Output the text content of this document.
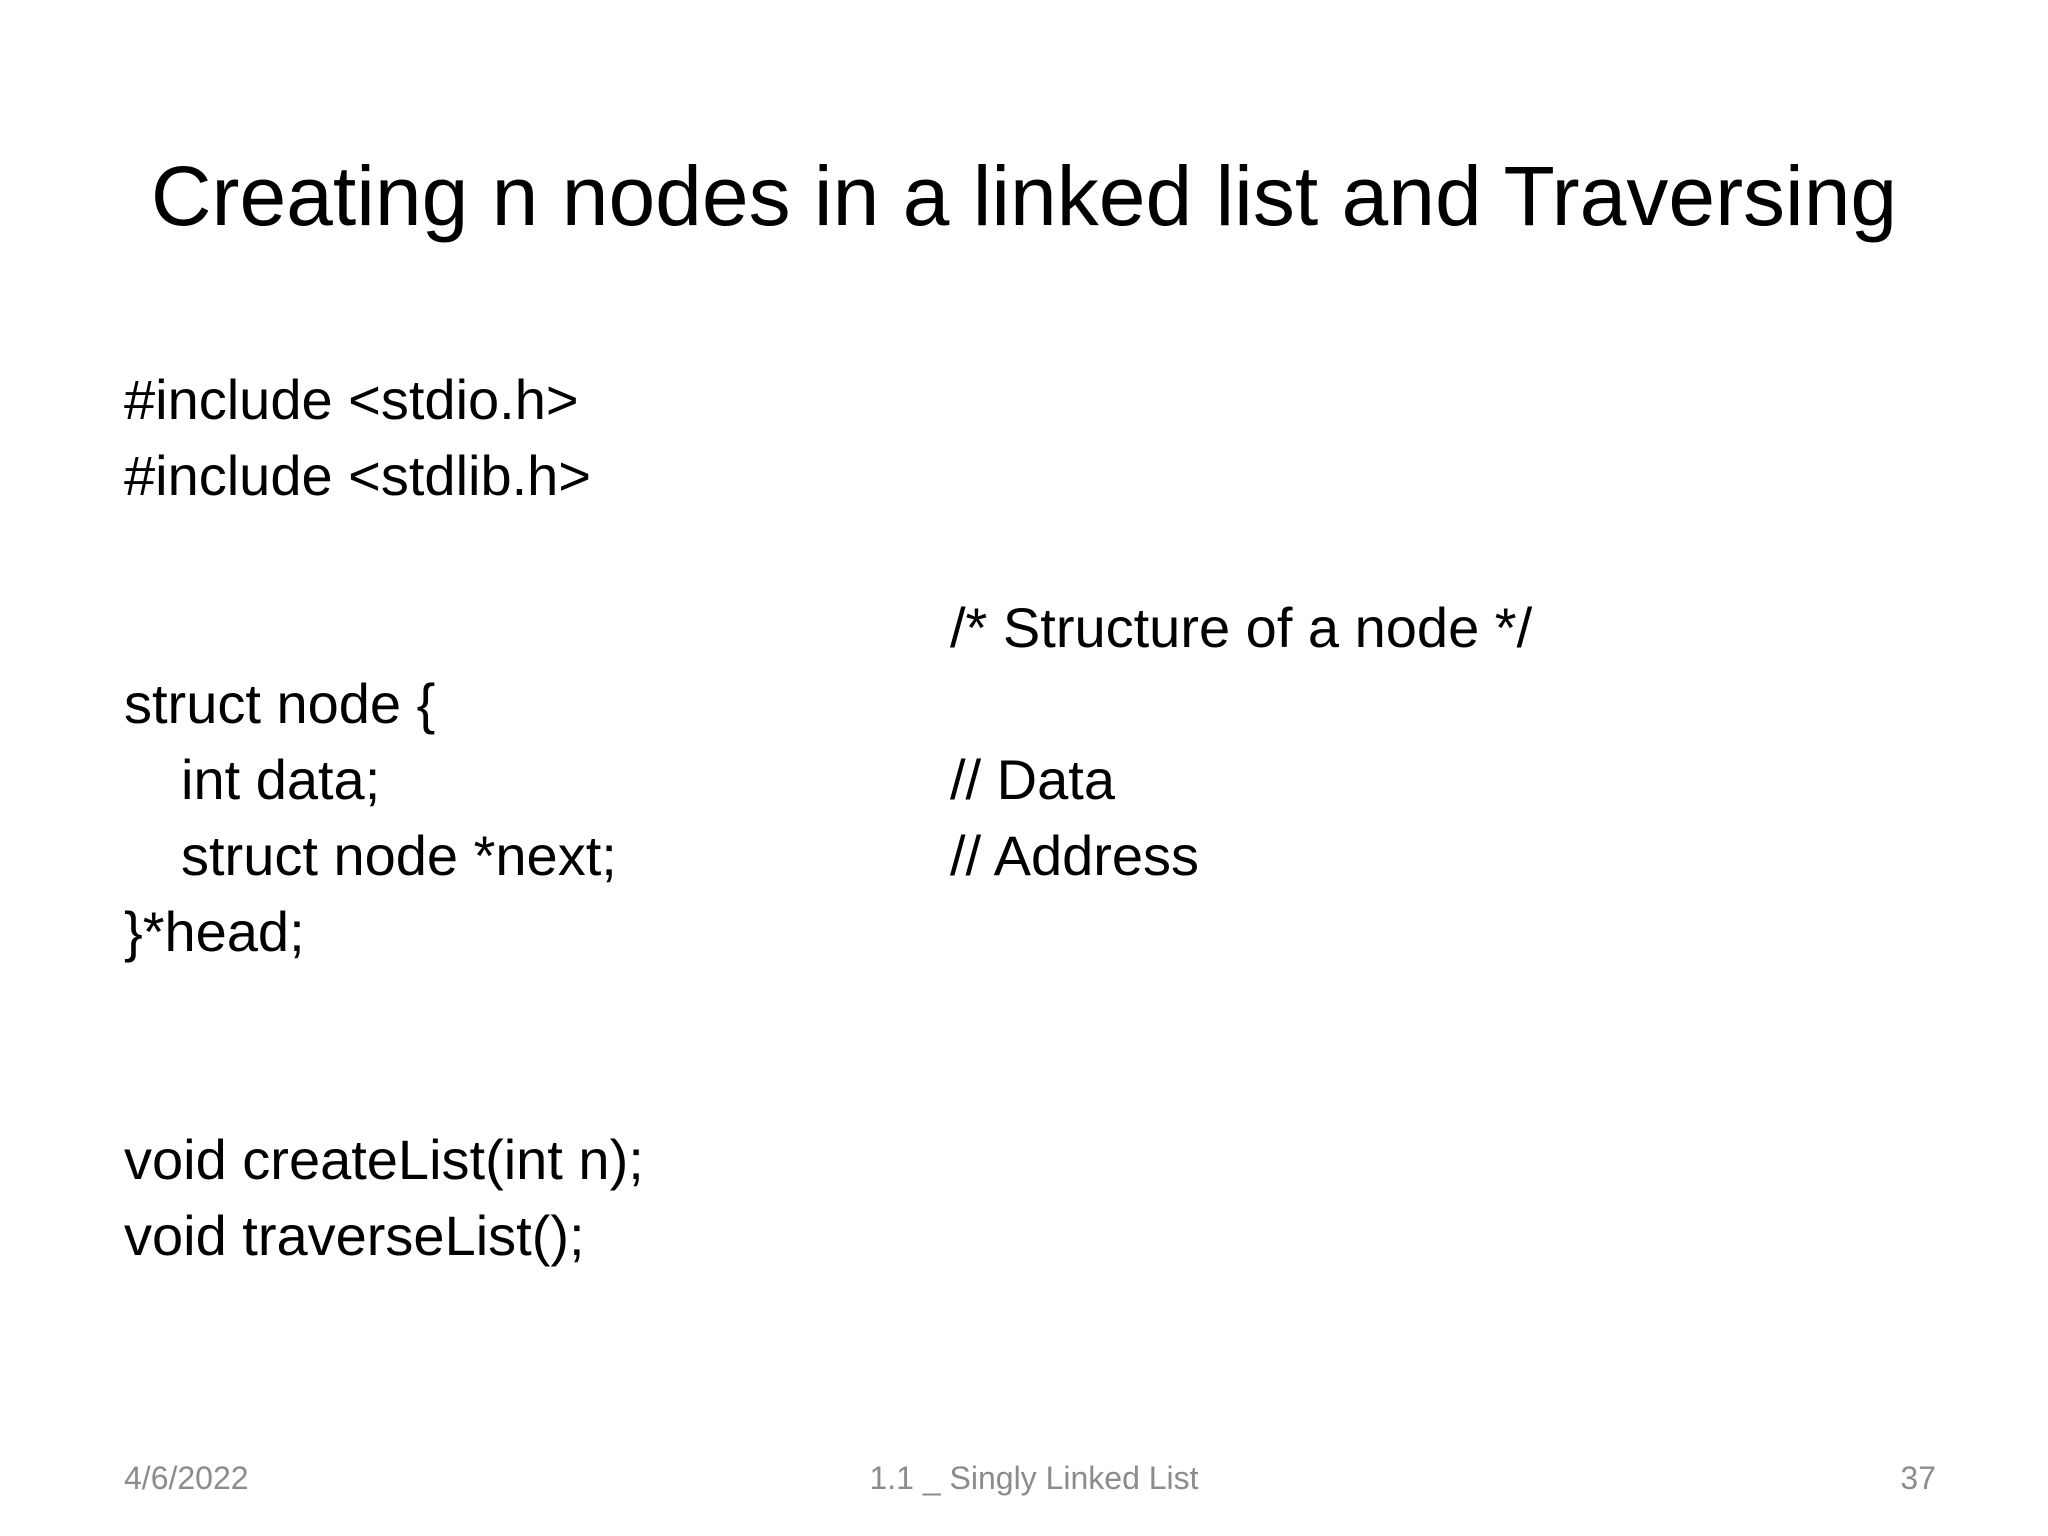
Creating n nodes in a linked list and Traversing
#include <stdio.h>
#include <stdlib.h>
/* Structure of a node */
struct node {
int data;	// Data
struct node *next;	// Address
}*head;
void createList(int n);
void traverseList();
4/6/2022	1.1 _ Singly Linked List	37
